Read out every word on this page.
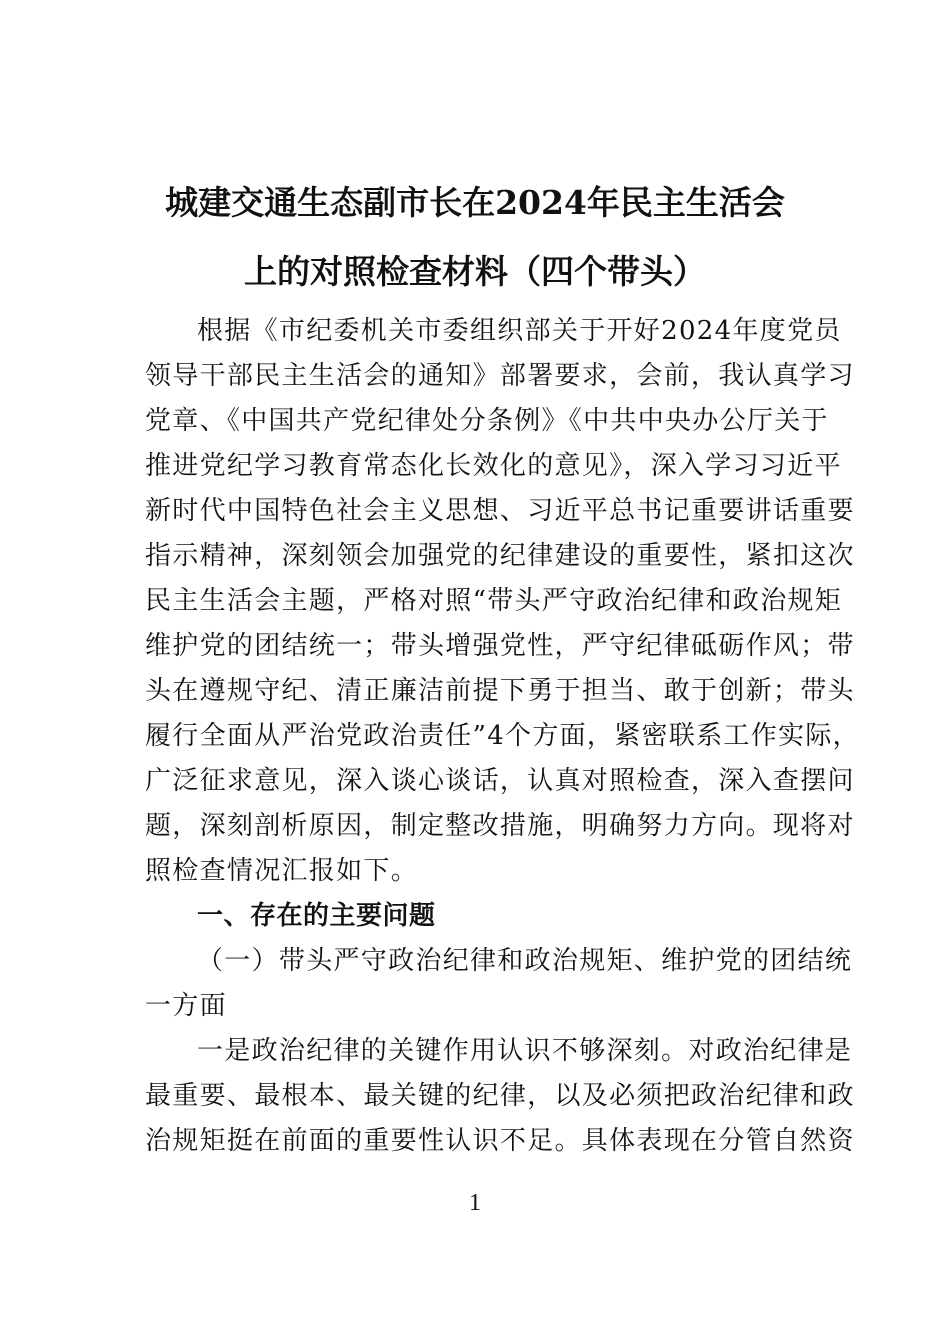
城建交通生态副市长在2024年民主生活会
上的对照检查材料（四个带头）
根据《市纪委机关市委组织部关于开好2024年度党员
领导干部民主生活会的通知》部署要求，会前，我认真学习
党章、《中国共产党纪律处分条例》《中共中央办公厅关于
推进党纪学习教育常态化长效化的意见》，深入学习习近平
新时代中国特色社会主义思想、习近平总书记重要讲话重要
指示精神，深刻领会加强党的纪律建设的重要性，紧扣这次
民主生活会主题，严格对照“带头严守政治纪律和政治规矩
维护党的团结统一；带头增强党性，严守纪律砥砺作风；带
头在遵规守纪、清正廉洁前提下勇于担当、敢于创新；带头
履行全面从严治党政治责任”4个方面，紧密联系工作实际，
广泛征求意见，深入谈心谈话，认真对照检查，深入查摆问
题，深刻剖析原因，制定整改措施，明确努力方向。现将对
照检查情况汇报如下。
一、存在的主要问题
（一）带头严守政治纪律和政治规矩、维护党的团结统
一方面
一是政治纪律的关键作用认识不够深刻。对政治纪律是
最重要、最根本、最关键的纪律，以及必须把政治纪律和政
治规矩挺在前面的重要性认识不足。具体表现在分管自然资
1
